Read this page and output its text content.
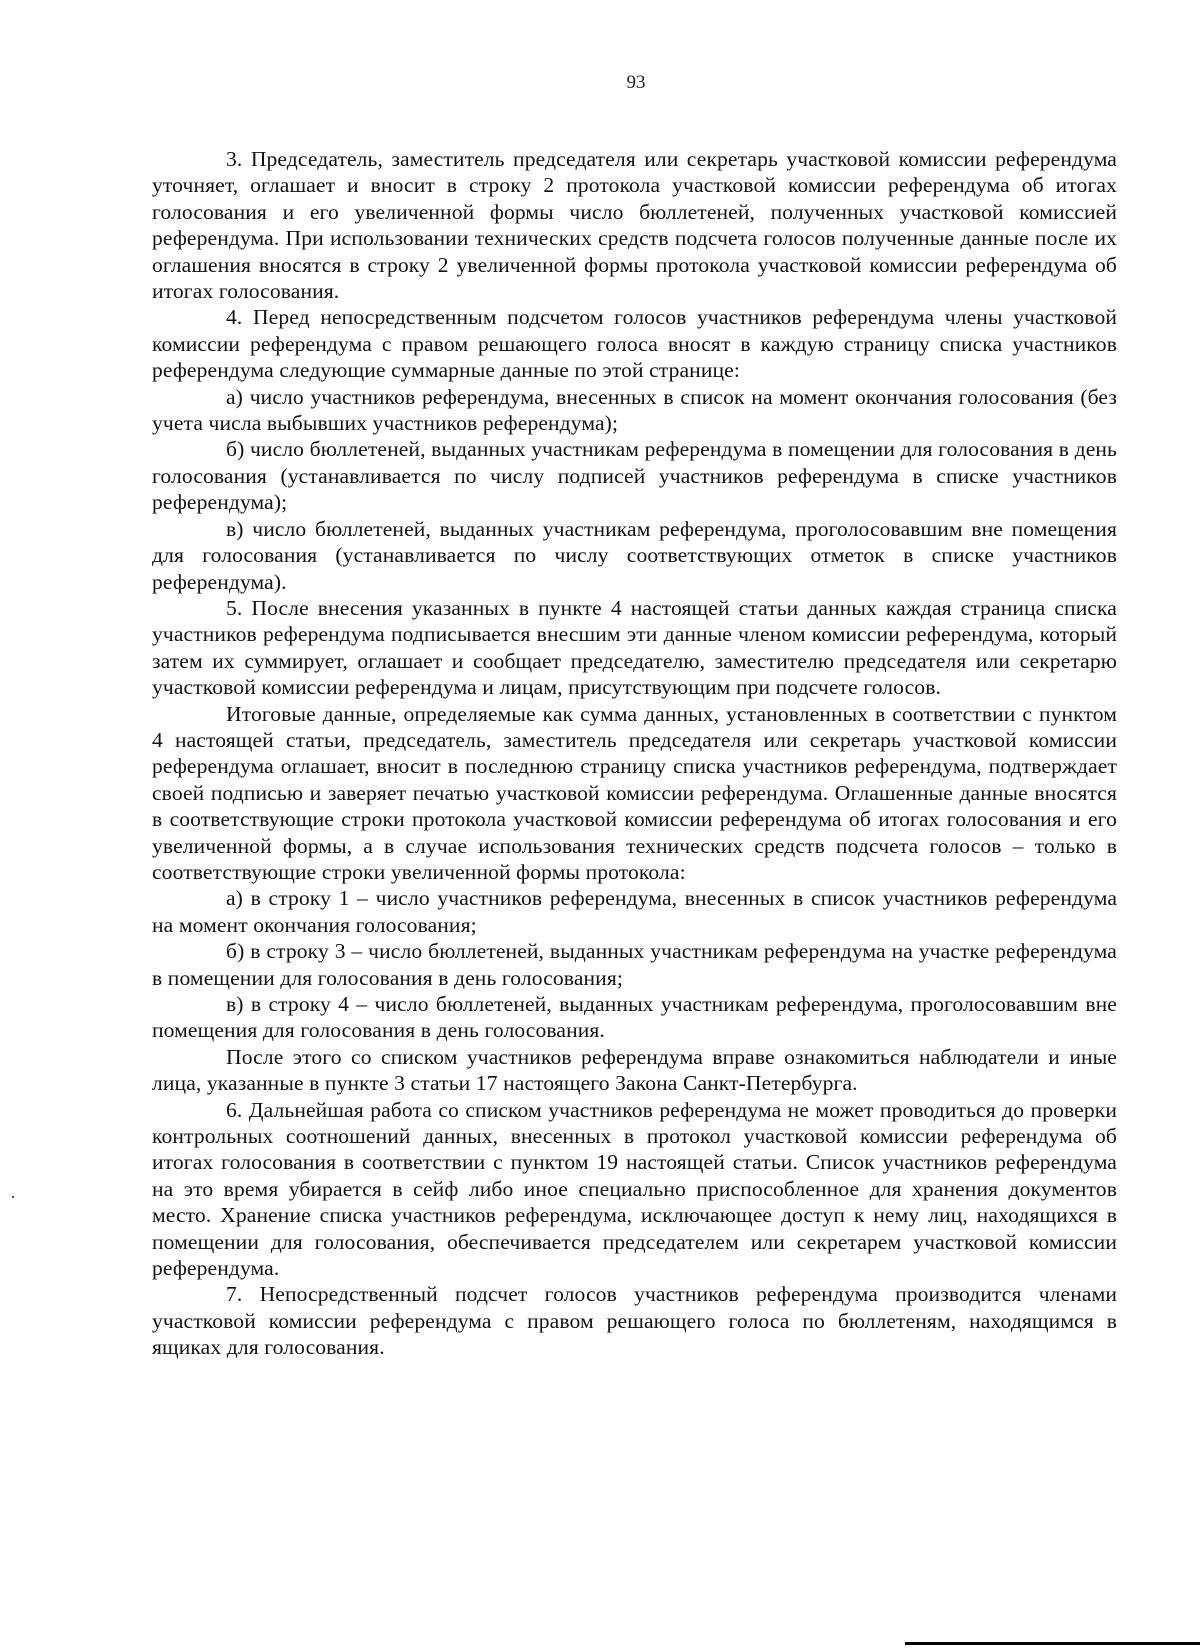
93

3. Председатель, заместитель председателя или секретарь участковой комиссии референдума уточняет, оглашает и вносит в строку 2 протокола участковой комиссии референдума об итогах голосования и его увеличенной формы число бюллетеней, полученных участковой комиссией референдума. При использовании технических средств подсчета голосов полученные данные после их оглашения вносятся в строку 2 увеличенной формы протокола участковой комиссии референдума об итогах голосования.

4. Перед непосредственным подсчетом голосов участников референдума члены участковой комиссии референдума с правом решающего голоса вносят в каждую страницу списка участников референдума следующие суммарные данные по этой странице:

а) число участников референдума, внесенных в список на момент окончания голосования (без учета числа выбывших участников референдума);

б) число бюллетеней, выданных участникам референдума в помещении для голосования в день голосования (устанавливается по числу подписей участников референдума в списке участников референдума);

в) число бюллетеней, выданных участникам референдума, проголосовавшим вне помещения для голосования (устанавливается по числу соответствующих отметок в списке участников референдума).

5. После внесения указанных в пункте 4 настоящей статьи данных каждая страница списка участников референдума подписывается внесшим эти данные членом комиссии референдума, который затем их суммирует, оглашает и сообщает председателю, заместителю председателя или секретарю участковой комиссии референдума и лицам, присутствующим при подсчете голосов.

Итоговые данные, определяемые как сумма данных, установленных в соответствии с пунктом 4 настоящей статьи, председатель, заместитель председателя или секретарь участковой комиссии референдума оглашает, вносит в последнюю страницу списка участников референдума, подтверждает своей подписью и заверяет печатью участковой комиссии референдума. Оглашенные данные вносятся в соответствующие строки протокола участковой комиссии референдума об итогах голосования и его увеличенной формы, а в случае использования технических средств подсчета голосов – только в соответствующие строки увеличенной формы протокола:

а) в строку 1 – число участников референдума, внесенных в список участников референдума на момент окончания голосования;

б) в строку 3 – число бюллетеней, выданных участникам референдума на участке референдума в помещении для голосования в день голосования;

в) в строку 4 – число бюллетеней, выданных участникам референдума, проголосовавшим вне помещения для голосования в день голосования.

После этого со списком участников референдума вправе ознакомиться наблюдатели и иные лица, указанные в пункте 3 статьи 17 настоящего Закона Санкт-Петербурга.

6. Дальнейшая работа со списком участников референдума не может проводиться до проверки контрольных соотношений данных, внесенных в протокол участковой комиссии референдума об итогах голосования в соответствии с пунктом 19 настоящей статьи. Список участников референдума на это время убирается в сейф либо иное специально приспособленное для хранения документов место. Хранение списка участников референдума, исключающее доступ к нему лиц, находящихся в помещении для голосования, обеспечивается председателем или секретарем участковой комиссии референдума.

7. Непосредственный подсчет голосов участников референдума производится членами участковой комиссии референдума с правом решающего голоса по бюллетеням, находящимся в ящиках для голосования.
